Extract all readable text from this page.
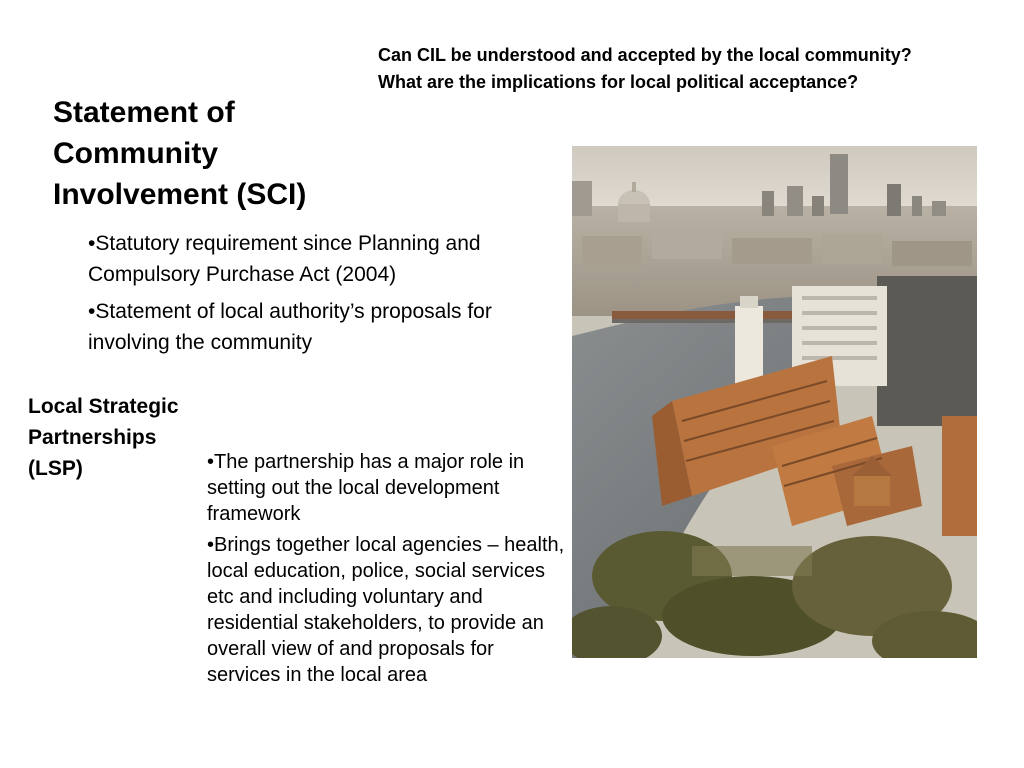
Can CIL be understood and accepted by the local community? What are the implications for local political acceptance?
Statement of Community Involvement (SCI)
•Statutory requirement since Planning and Compulsory Purchase Act (2004)
•Statement of local authority’s proposals for involving the community
Local Strategic Partnerships (LSP)	•The partnership has a major role in setting out the local development framework
•Brings together local agencies – health, local education, police, social services etc and including voluntary and residential stakeholders, to provide an overall view of and proposals for services in the local area
